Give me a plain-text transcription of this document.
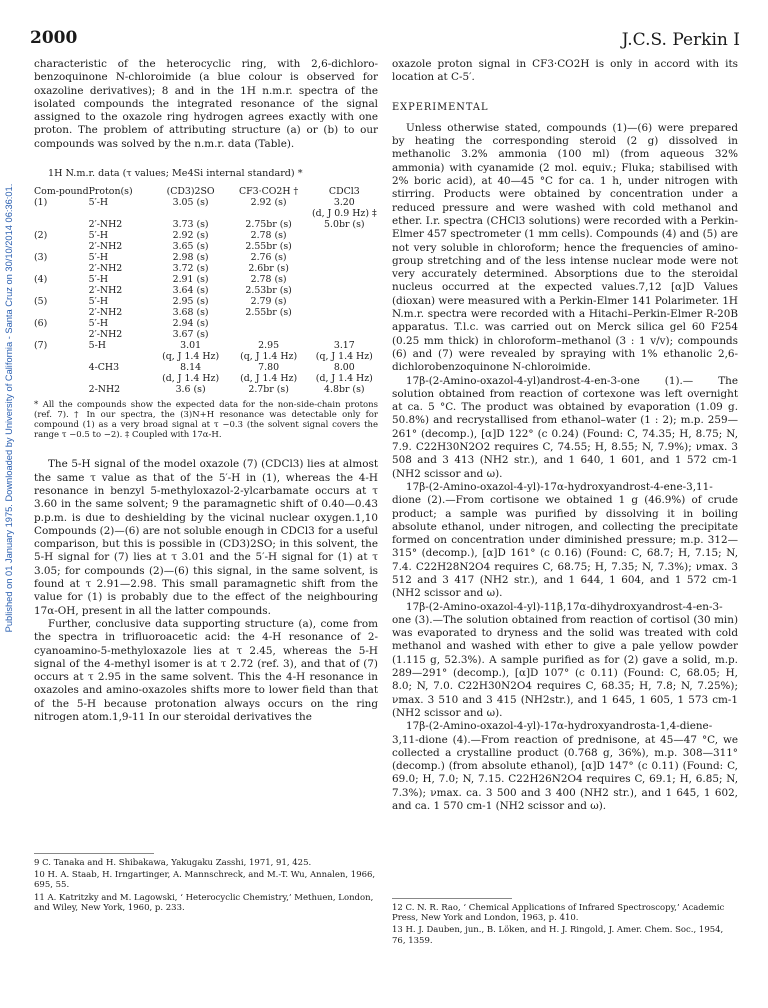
2000	J.C.S. Perkin I
Published on 01 January 1975. Downloaded by University of California - Santa Cruz on 30/10/2014 06:36:01.

characteristic of the heterocyclic ring, with 2,6-dichloro-benzoquinone N-chloroimide (a blue colour is observed for oxazoline derivatives); 8 and in the 1H n.m.r. spectra of the isolated compounds the integrated resonance of the signal assigned to the oxazole ring hydrogen agrees exactly with one proton. The problem of attributing structure (a) or (b) to our compounds was solved by the n.m.r. data (Table).

1H N.m.r. data (τ values; Me4Si internal standard) *
Com-pound	Proton(s)	(CD3)2SO	CF3·CO2H †	CDCl3
(1)	5′-H	3.05 (s)	2.92 (s)	3.20
				(d, J 0.9 Hz) ‡
	2′-NH2	3.73 (s)	2.75br (s)	5.0br (s)
(2)	5′-H	2.92 (s)	2.78 (s)	
	2′-NH2	3.65 (s)	2.55br (s)	
(3)	5′-H	2.98 (s)	2.76 (s)	
	2′-NH2	3.72 (s)	2.6br (s)	
(4)	5′-H	2.91 (s)	2.78 (s)	
	2′-NH2	3.64 (s)	2.53br (s)	
(5)	5′-H	2.95 (s)	2.79 (s)	
	2′-NH2	3.68 (s)	2.55br (s)	
(6)	5′-H	2.94 (s)		
	2′-NH2	3.67 (s)		
(7)	5-H	3.01	2.95	3.17
		(q, J 1.4 Hz)	(q, J 1.4 Hz)	(q, J 1.4 Hz)
	4-CH3	8.14	7.80	8.00
		(d, J 1.4 Hz)	(d, J 1.4 Hz)	(d, J 1.4 Hz)
	2-NH2	3.6 (s)	2.7br (s)	4.8br (s)
* All the compounds show the expected data for the non-side-chain protons (ref. 7). † In our spectra, the (3)N+H resonance was detectable only for compound (1) as a very broad signal at τ −0.3 (the solvent signal covers the range τ −0.5 to −2). ‡ Coupled with 17α-H.

The 5-H signal of the model oxazole (7) (CDCl3) lies at almost the same τ value as that of the 5′-H in (1), whereas the 4-H resonance in benzyl 5-methyloxazol-2-ylcarbamate occurs at τ 3.60 in the same solvent; 9 the paramagnetic shift of 0.40—0.43 p.p.m. is due to deshielding by the vicinal nuclear oxygen.1,10 Compounds (2)—(6) are not soluble enough in CDCl3 for a useful comparison, but this is possible in (CD3)2SO; in this solvent, the 5-H signal for (7) lies at τ 3.01 and the 5′-H signal for (1) at τ 3.05; for compounds (2)—(6) this signal, in the same solvent, is found at τ 2.91—2.98. This small paramagnetic shift from the value for (1) is probably due to the effect of the neighbouring 17α-OH, present in all the latter compounds.

Further, conclusive data supporting structure (a), come from the spectra in trifluoroacetic acid: the 4-H resonance of 2-cyanoamino-5-methyloxazole lies at τ 2.45, whereas the 5-H signal of the 4-methyl isomer is at τ 2.72 (ref. 3), and that of (7) occurs at τ 2.95 in the same solvent. This the 4-H resonance in oxazoles and amino-oxazoles shifts more to lower field than that of the 5-H because protonation always occurs on the ring nitrogen atom.1,9-11 In our steroidal derivatives the

9 C. Tanaka and H. Shibakawa, Yakugaku Zasshi, 1971, 91, 425.

10 H. A. Staab, H. Irngartinger, A. Mannschreck, and M.-T. Wu, Annalen, 1966, 695, 55.

11 A. Katritzky and M. Lagowski, ‘ Heterocyclic Chemistry,’ Methuen, London, and Wiley, New York, 1960, p. 233.

oxazole proton signal in CF3·CO2H is only in accord with its location at C-5′.

EXPERIMENTAL

Unless otherwise stated, compounds (1)—(6) were prepared by heating the corresponding steroid (2 g) dissolved in methanolic 3.2% ammonia (100 ml) (from aqueous 32% ammonia) with cyanamide (2 mol. equiv.; Fluka; stabilised with 2% boric acid), at 40—45 °C for ca. 1 h, under nitrogen with stirring. Products were obtained by concentration under a reduced pressure and were washed with cold methanol and ether. I.r. spectra (CHCl3 solutions) were recorded with a Perkin-Elmer 457 spectrometer (1 mm cells). Compounds (4) and (5) are not very soluble in chloroform; hence the frequencies of amino-group stretching and of the less intense nuclear mode were not very accurately determined. Absorptions due to the steroidal nucleus occurred at the expected values.7,12 [α]D Values (dioxan) were measured with a Perkin-Elmer 141 Polarimeter. 1H N.m.r. spectra were recorded with a Hitachi–Perkin-Elmer R-20B apparatus. T.l.c. was carried out on Merck silica gel 60 F254 (0.25 mm thick) in chloroform–methanol (3 : 1 v/v); compounds (6) and (7) were revealed by spraying with 1% ethanolic 2,6-dichlorobenzoquinone N-chloroimide.

17β-(2-Amino-oxazol-4-yl)androst-4-en-3-one (1).— The solution obtained from reaction of cortexone was left overnight at ca. 5 °C. The product was obtained by evaporation (1.09 g. 50.8%) and recrystallised from ethanol–water (1 : 2); m.p. 259—261° (decomp.), [α]D 122° (c 0.24) (Found: C, 74.35; H, 8.75; N, 7.9. C22H30N2O2 requires C, 74.55; H, 8.55; N, 7.9%); νmax. 3 508 and 3 413 (NH2 str.), and 1 640, 1 601, and 1 572 cm-1 (NH2 scissor and ω).

17β-(2-Amino-oxazol-4-yl)-17α-hydroxyandrost-4-ene-3,11-dione (2).—From cortisone we obtained 1 g (46.9%) of crude product; a sample was purified by dissolving it in boiling absolute ethanol, under nitrogen, and collecting the precipitate formed on concentration under diminished pressure; m.p. 312—315° (decomp.), [α]D 161° (c 0.16) (Found: C, 68.7; H, 7.15; N, 7.4. C22H28N2O4 requires C, 68.75; H, 7.35; N, 7.3%); νmax. 3 512 and 3 417 (NH2 str.), and 1 644, 1 604, and 1 572 cm-1 (NH2 scissor and ω).

17β-(2-Amino-oxazol-4-yl)-11β,17α-dihydroxyandrost-4-en-3-one (3).—The solution obtained from reaction of cortisol (30 min) was evaporated to dryness and the solid was treated with cold methanol and washed with ether to give a pale yellow powder (1.115 g, 52.3%). A sample purified as for (2) gave a solid, m.p. 289—291° (decomp.), [α]D 107° (c 0.11) (Found: C, 68.05; H, 8.0; N, 7.0. C22H30N2O4 requires C, 68.35; H, 7.8; N, 7.25%); νmax. 3 510 and 3 415 (NH2str.), and 1 645, 1 605, 1 573 cm-1 (NH2 scissor and ω).

17β-(2-Amino-oxazol-4-yl)-17α-hydroxyandrosta-1,4-diene-3,11-dione (4).—From reaction of prednisone, at 45—47 °C, we collected a crystalline product (0.768 g, 36%), m.p. 308—311° (decomp.) (from absolute ethanol), [α]D 147° (c 0.11) (Found: C, 69.0; H, 7.0; N, 7.15. C22H26N2O4 requires C, 69.1; H, 6.85; N, 7.3%); νmax. ca. 3 500 and 3 400 (NH2 str.), and 1 645, 1 602, and ca. 1 570 cm-1 (NH2 scissor and ω).

12 C. N. R. Rao, ‘ Chemical Applications of Infrared Spectroscopy,’ Academic Press, New York and London, 1963, p. 410.

13 H. J. Dauben, jun., B. Löken, and H. J. Ringold, J. Amer. Chem. Soc., 1954, 76, 1359.
